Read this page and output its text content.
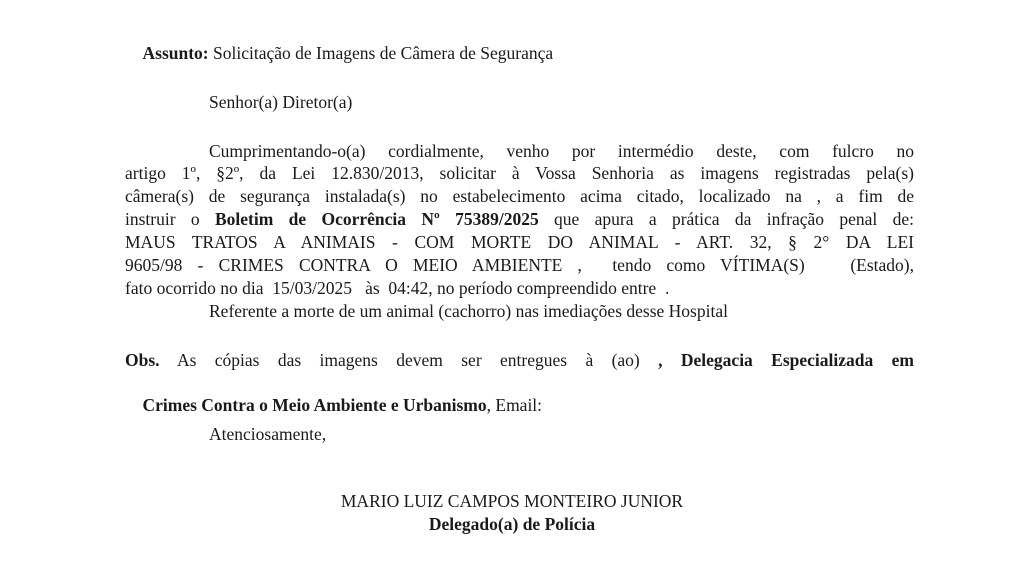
Assunto: Solicitação de Imagens de Câmera de Segurança

Senhor(a) Diretor(a)
Cumprimentando-o(a) cordialmente, venho por intermédio deste, com fulcro no
artigo 1º, §2º, da Lei 12.830/2013, solicitar à Vossa Senhoria as imagens registradas pela(s)
câmera(s) de segurança instalada(s) no estabelecimento acima citado, localizado na , a fim de
instruir o Boletim de Ocorrência Nº 75389/2025 que apura a prática da infração penal de:
MAUS TRATOS A ANIMAIS - COM MORTE DO ANIMAL - ART. 32, § 2° DA LEI
9605/98 - CRIMES CONTRA O MEIO AMBIENTE ,  tendo como VÍTIMA(S)   (Estado),
fato ocorrido no dia  15/03/2025   às  04:42, no período compreendido entre  .
Referente a morte de um animal (cachorro) nas imediações desse Hospital
Obs. As cópias das imagens devem ser entregues à (ao) , Delegacia Especializada em

Crimes Contra o Meio Ambiente e Urbanismo, Email:

Atenciosamente,
MARIO LUIZ CAMPOS MONTEIRO JUNIOR
Delegado(a) de Polícia
